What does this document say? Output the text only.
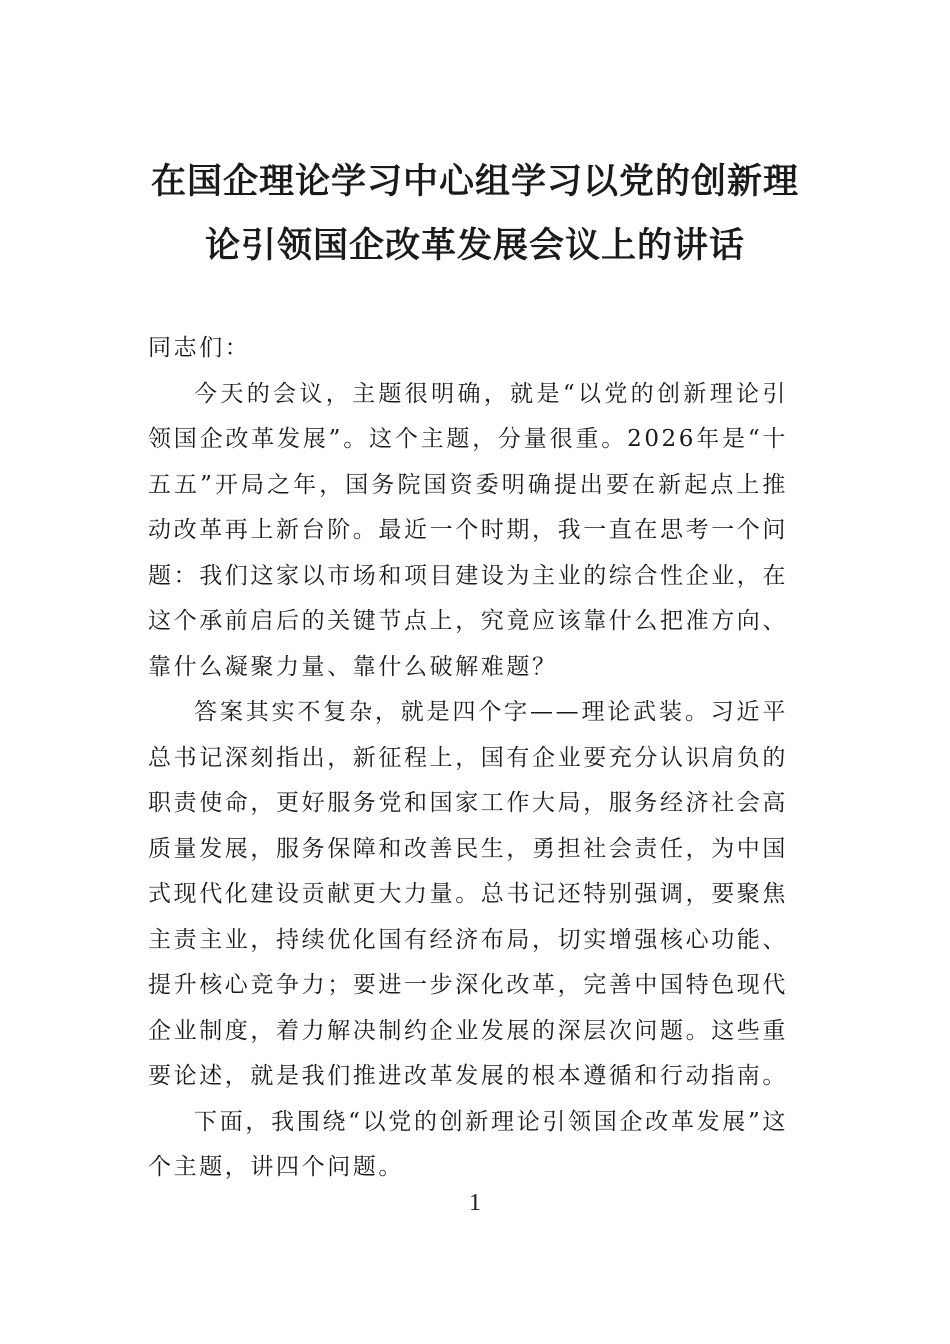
在国企理论学习中心组学习以党的创新理
论引领国企改革发展会议上的讲话

同志们：

今天的会议，主题很明确，就是“以党的创新理论引领国企改革发展”。这个主题，分量很重。2026年是“十五五”开局之年，国务院国资委明确提出要在新起点上推动改革再上新台阶。最近一个时期，我一直在思考一个问题：我们这家以市场和项目建设为主业的综合性企业，在这个承前启后的关键节点上，究竟应该靠什么把准方向、靠什么凝聚力量、靠什么破解难题？

答案其实不复杂，就是四个字——理论武装。习近平总书记深刻指出，新征程上，国有企业要充分认识肩负的职责使命，更好服务党和国家工作大局，服务经济社会高质量发展，服务保障和改善民生，勇担社会责任，为中国式现代化建设贡献更大力量。总书记还特别强调，要聚焦主责主业，持续优化国有经济布局，切实增强核心功能、提升核心竞争力；要进一步深化改革，完善中国特色现代企业制度，着力解决制约企业发展的深层次问题。这些重要论述，就是我们推进改革发展的根本遵循和行动指南。

下面，我围绕“以党的创新理论引领国企改革发展”这个主题，讲四个问题。

1
